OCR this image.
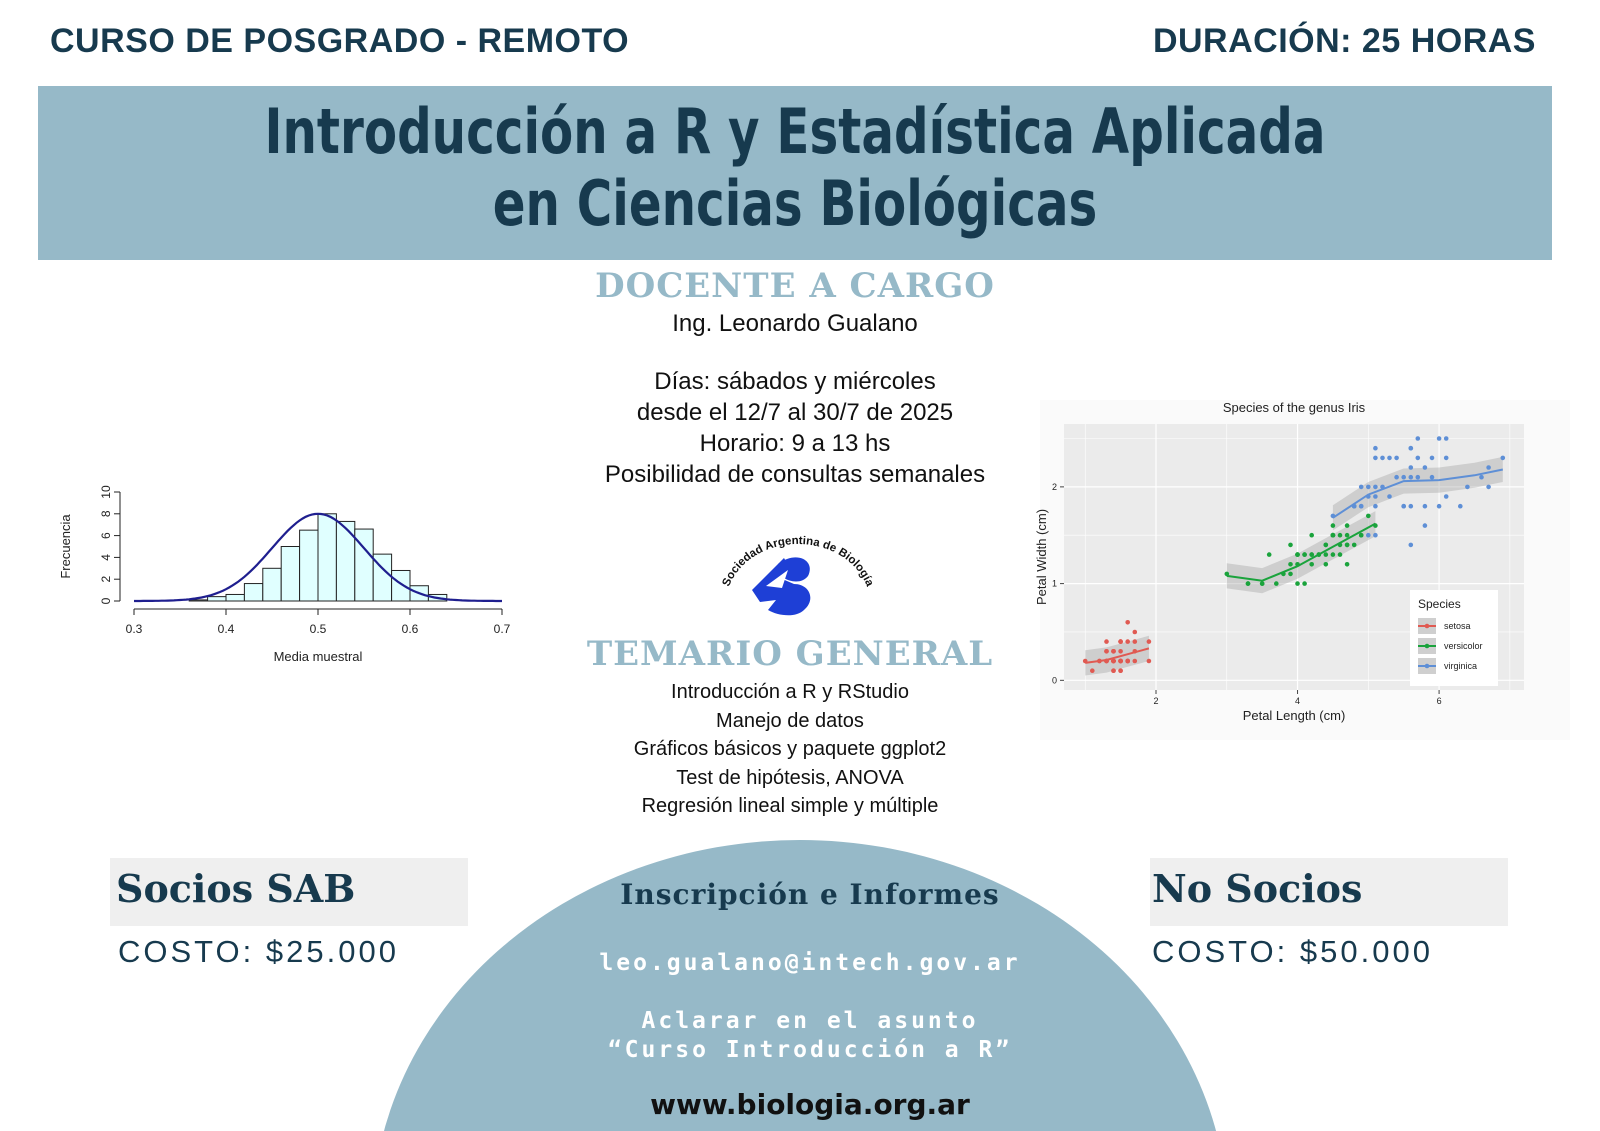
CURSO DE POSGRADO - REMOTO	DURACIÓN: 25 HORAS
Introducción a R y Estadística Aplicada
en Ciencias Biológicas
DOCENTE A CARGO
Ing. Leonardo Gualano
Días: sábados y miércoles
desde el 12/7 al 30/7 de 2025
Horario: 9 a 13 hs
Posibilidad de consultas semanales
Sociedad Argentina de Biología
TEMARIO GENERAL
Introducción a R y RStudio
Manejo de datos
Gráficos básicos y paquete ggplot2
Test de hipótesis, ANOVA
Regresión lineal simple y múltiple
0.3	0.4	0.5	0.6	0.7
0
2
4
6
8
10
Media muestral
Frecuencia
Species of the genus Iris
2	4	6
0
1
2
Petal Length (cm)
Petal Width (cm)	Species
setosa
versicolor
virginica
Socios SAB
COSTO: $25.000
No Socios
COSTO: $50.000
Inscripción e Informes
leo.gualano@intech.gov.ar
Aclarar en el asunto
“Curso Introducción a R”
www.biologia.org.ar
